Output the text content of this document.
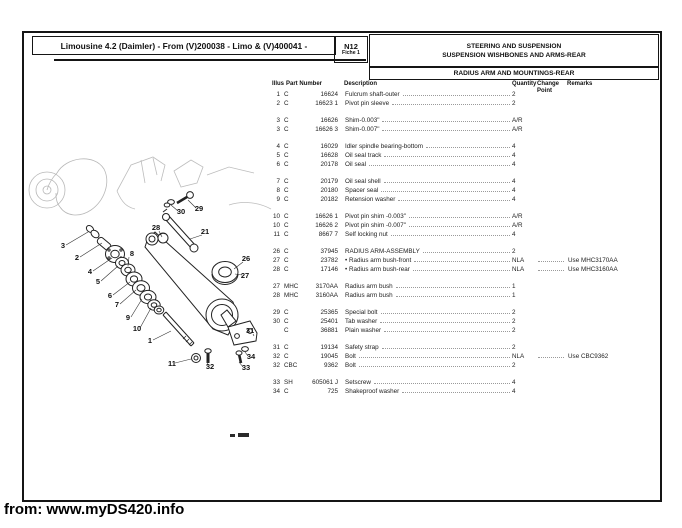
Limousine 4.2 (Daimler) - From (V)200038 - Limo & (V)400041 -	N12
Fiche 1
STEERING AND SUSPENSION
SUSPENSION WISHBONES AND ARMS-REAR
RADIUS ARM AND MOUNTINGS-REAR
Illus Part Number	Description	Quantity Change Point
Remarks
1 C	16624 Fulcrum shaft-outer	2
2 C	16623 1 Pivot pin sleeve	2
3 C	16626 Shim-0.003"	A/R
3 C	16626 3 Shim-0.007"	A/R
4 C	16029 Idler spindle bearing-bottom	4
5 C	16628 Oil seal track	4
6 C	20178 Oil seal	4
7 C	20179 Oil seal shell	4
8 C	20180 Spacer seal	4
9 C	20182 Retension washer	4
10 C	16626 1 Pivot pin shim -0.003"	A/R
10 C	16626 2 Pivot pin shim -0.007"	A/R
11 C	8667 7 Self locking nut	4
26 C	37945 RADIUS ARM-ASSEMBLY	2
27 C	23782 • Radius arm bush-front	NLA	Use MHC3170AA
28 C	17146 • Radius arm bush-rear	NLA	Use MHC3160AA
27 MHC	3170AA Radius arm bush	1
28 MHC	3160AA Radius arm bush	1
29 C	25365 Special bolt	2
30 C	25401 Tab washer	2
C	36881 Plain washer	2
31 C	19134 Safety strap	2
32 C	19045 Bolt	NLA	Use CBC9362
32 CBC	9362 Bolt	2
33 SH	605061 J Setscrew	4
34 C	725 Shakeproof washer	4
3
2
4
5
8
6
7
9
10
1
11
28	21
29
30
26
27
31
34
33
32
from: www.myDS420.info
